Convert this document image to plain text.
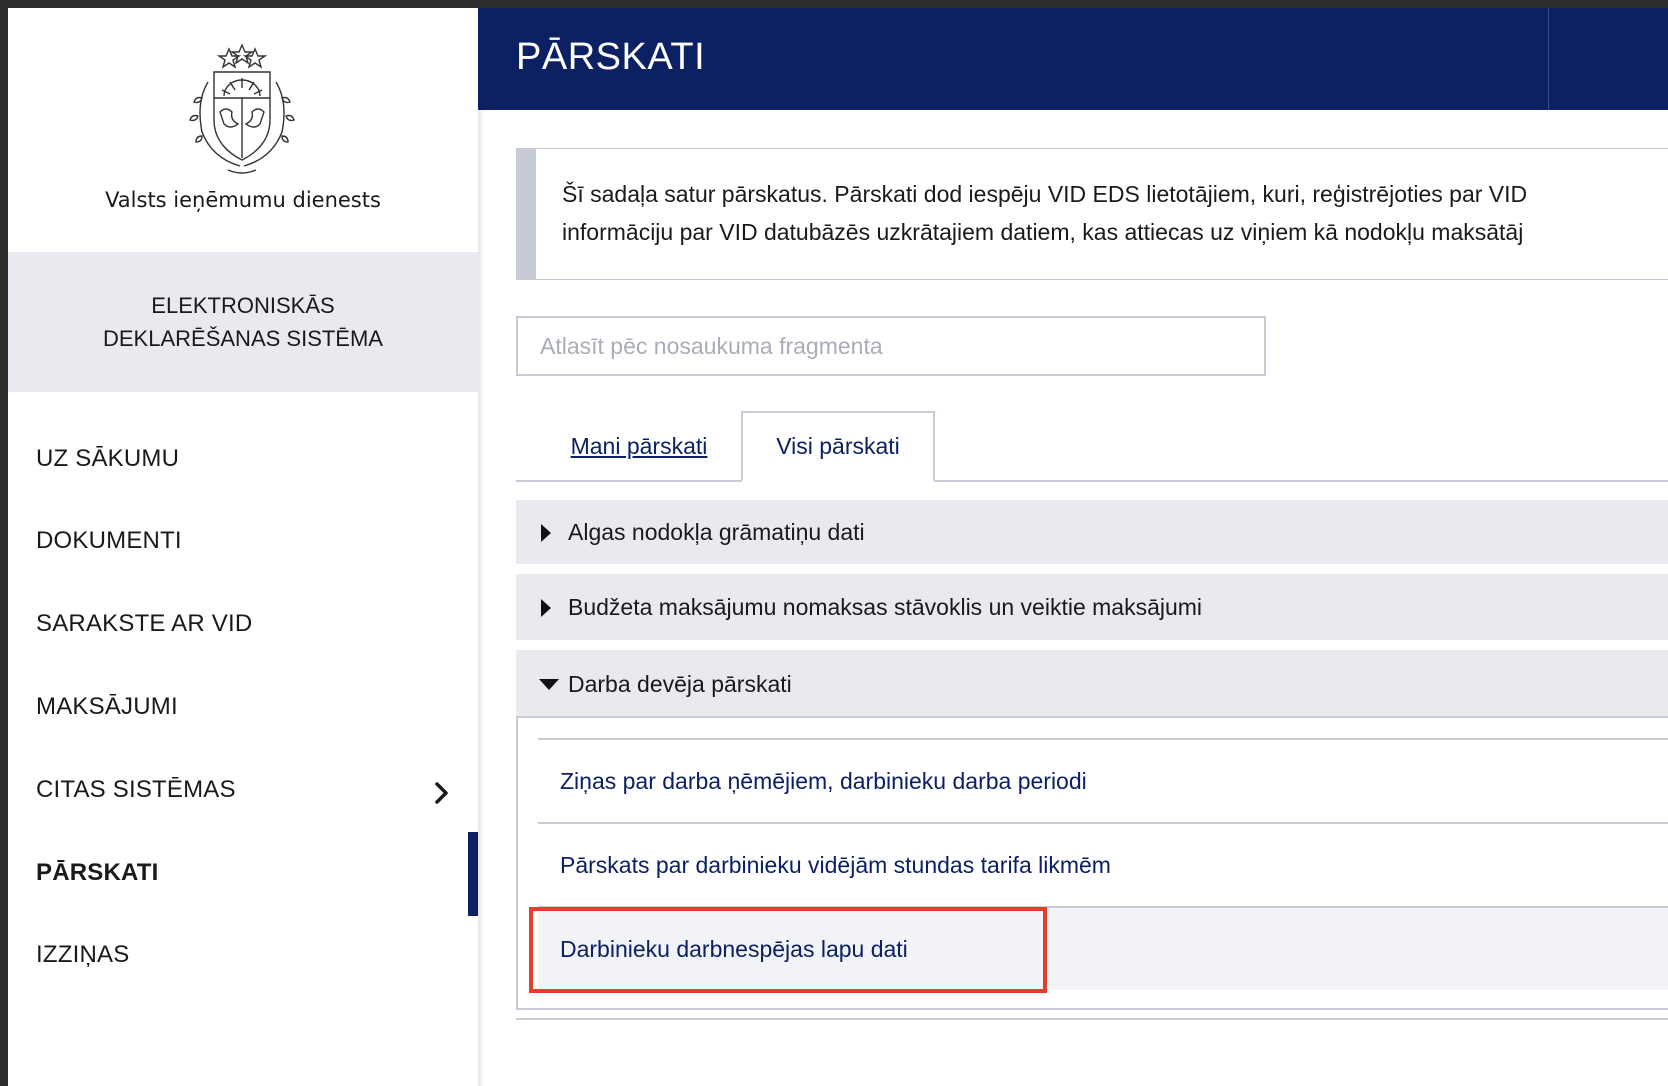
Valsts ieņēmumu dienests
ELEKTRONISKĀS
DEKLARĒŠANAS SISTĒMA
UZ SĀKUMU
DOKUMENTI
SARAKSTE AR VID
MAKSĀJUMI
CITAS SISTĒMAS
PĀRSKATI
IZZIŅAS
PĀRSKATI
Šī sadaļa satur pārskatus. Pārskati dod iespēju VID EDS lietotājiem, kuri, reģistrējoties par VID
informāciju par VID datubāzēs uzkrātajiem datiem, kas attiecas uz viņiem kā nodokļu maksātāj
Atlasīt pēc nosaukuma fragmenta
Mani pārskati	Visi pārskati
Algas nodokļa grāmatiņu dati
Budžeta maksājumu nomaksas stāvoklis un veiktie maksājumi
Darba devēja pārskati
Ziņas par darba ņēmējiem, darbinieku darba periodi
Pārskats par darbinieku vidējām stundas tarifa likmēm
Darbinieku darbnespējas lapu dati
